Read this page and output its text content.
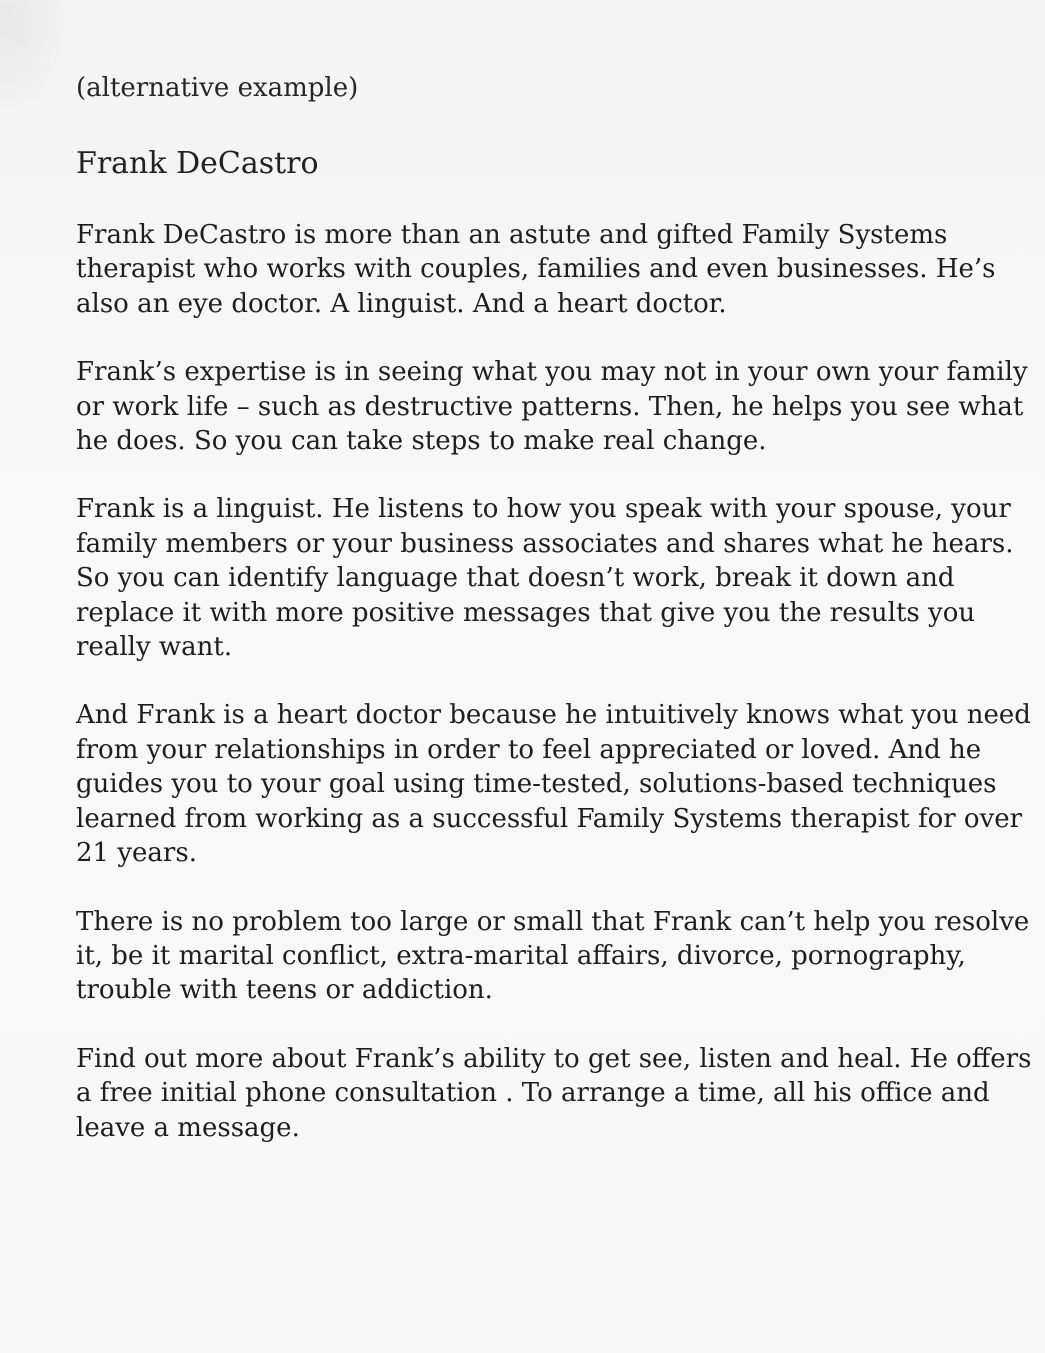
(alternative example)
Frank DeCastro
Frank DeCastro is more than an astute and gifted Family Systems
therapist who works with couples, families and even businesses. He’s
also an eye doctor. A linguist. And a heart doctor.
Frank’s expertise is in seeing what you may not in your own your family
or work life – such as destructive patterns. Then, he helps you see what
he does. So you can take steps to make real change.
Frank is a linguist. He listens to how you speak with your spouse, your
family members or your business associates and shares what he hears.
So you can identify language that doesn’t work, break it down and
replace it with more positive messages that give you the results you
really want.
And Frank is a heart doctor because he intuitively knows what you need
from your relationships in order to feel appreciated or loved. And he
guides you to your goal using time-tested, solutions-based techniques
learned from working as a successful Family Systems therapist for over
21 years.
There is no problem too large or small that Frank can’t help you resolve
it, be it marital conflict, extra-marital affairs, divorce, pornography,
trouble with teens or addiction.
Find out more about Frank’s ability to get see, listen and heal. He offers
a free initial phone consultation . To arrange a time, all his office and
leave a message.
